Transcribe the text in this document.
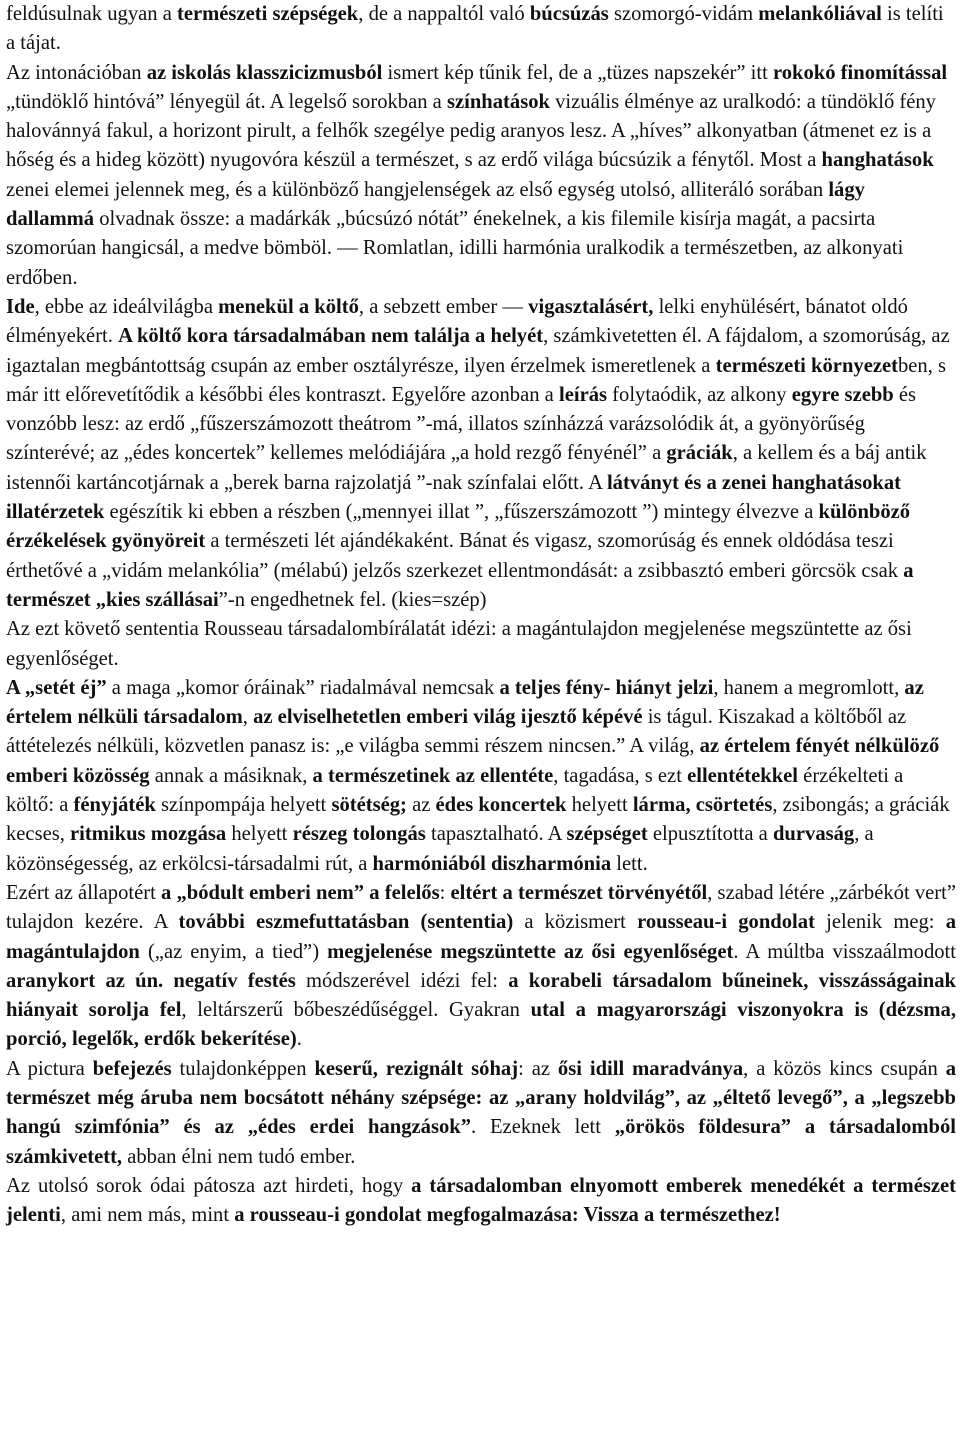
feldúsulnak ugyan a természeti szépségek, de a nappaltól való búcsúzás szomorgó-vidám melankóliával is telíti a tájat.

Az intonációban az iskolás klasszicizmusból ismert kép tűnik fel, de a „tüzes napszekér” itt rokokó finomítással „tündöklő hintóvá” lényegül át. A legelső sorokban a színhatások vizuális élménye az uralkodó: a tündöklő fény halovánnyá fakul, a horizont pirult, a felhők szegélye pedig aranyos lesz. A „híves” alkonyatban (átmenet ez is a hőség és a hideg között) nyugovóra készül a természet, s az erdő világa búcsúzik a fénytől. Most a hanghatások zenei elemei jelennek meg, és a különböző hangjelenségek az első egység utolsó, alliteráló sorában lágy dallammá olvadnak össze: a madárkák „búcsúzó nótát” énekelnek, a kis filemile kisírja magát, a pacsirta szomorúan hangicsál, a medve bömböl. — Romlatlan, idilli harmónia uralkodik a természetben, az alkonyati erdőben.

Ide, ebbe az ideálvilágba menekül a költő, a sebzett ember — vigasztalásért, lelki enyhülésért, bánatot oldó élményekért. A költő kora társadalmában nem találja a helyét, számkivetetten él. A fájdalom, a szomorúság, az igaztalan megbántottság csupán az ember osztályrésze, ilyen érzelmek ismeretlenek a természeti környezetben, s már itt előrevetítődik a későbbi éles kontraszt. Egyelőre azonban a leírás folytaódik, az alkony egyre szebb és vonzóbb lesz: az erdő „fűszerszámozott theátrom ”-má, illatos színházzá varázsolódik át, a gyönyörűség színterévé; az „édes koncertek” kellemes melódiájára „a hold rezgő fényénél” a gráciák, a kellem és a báj antik istennői kartáncotjárnak a „berek barna rajzolatjá ”-nak színfalai előtt. A látványt és a zenei hanghatásokat illatérzetek egészítik ki ebben a részben („mennyei illat ”, „fűszerszámozott ”) mintegy élvezve a különböző érzékelések gyönyöreit a természeti lét ajándékaként. Bánat és vigasz, szomorúság és ennek oldódása teszi érthetővé a „vidám melankólia” (mélabú) jelzős szerkezet ellentmondását: a zsibbasztó emberi görcsök csak a természet „kies szállásai”-n engedhetnek fel. (kies=szép)

Az ezt követő sententia Rousseau társadalombírálatát idézi: a magántulajdon megjelenése megszüntette az ősi egyenlőséget.

A „setét éj” a maga „komor óráinak” riadalmával nemcsak a teljes fény- hiányt jelzi, hanem a megromlott, az értelem nélküli társadalom, az elviselhetetlen emberi világ ijesztő képévé is tágul. Kiszakad a költőből az áttételezés nélküli, közvetlen panasz is: „e világba semmi részem nincsen.” A világ, az értelem fényét nélkülöző emberi közösség annak a másiknak, a természetinek az ellentéte, tagadása, s ezt ellentétekkel érzékelteti a költő: a fényjáték színpompája helyett sötétség; az édes koncertek helyett lárma, csörtetés, zsibongás; a gráciák kecses, ritmikus mozgása helyett részeg tolongás tapasztalható. A szépséget elpusztította a durvaság, a közönségesség, az erkölcsi-társadalmi rút, a harmóniából diszharmónia lett.

Ezért az állapotért a „bódult emberi nem” a felelős: eltért a természet törvényétől, szabad létére „zárbékót vert” tulajdon kezére. A további eszmefuttatásban (sententia) a közismert rousseau-i gondolat jelenik meg: a magántulajdon („az enyim, a tied”) megjelenése megszüntette az ősi egyenlőséget. A múltba visszaálmodott aranykort az ún. negatív festés módszerével idézi fel: a korabeli társadalom bűneinek, visszásságainak hiányait sorolja fel, leltárszerű bőbeszédűséggel. Gyakran utal a magyarországi viszonyokra is (dézsma, porció, legelők, erdők bekerítése).

A pictura befejezés tulajdonképpen keserű, rezignált sóhaj: az ősi idill maradványa, a közös kincs csupán a természet még áruba nem bocsátott néhány szépsége: az „arany holdvilág”, az „éltető levegő”, a „legszebb hangú szimfónia” és az „édes erdei hangzások”. Ezeknek lett „örökös földesura” a társadalomból számkivetett, abban élni nem tudó ember.

Az utolsó sorok ódai pátosza azt hirdeti, hogy a társadalomban elnyomott emberek menedékét a természet jelenti, ami nem más, mint a rousseau-i gondolat megfogalmazása: Vissza a természethez!
